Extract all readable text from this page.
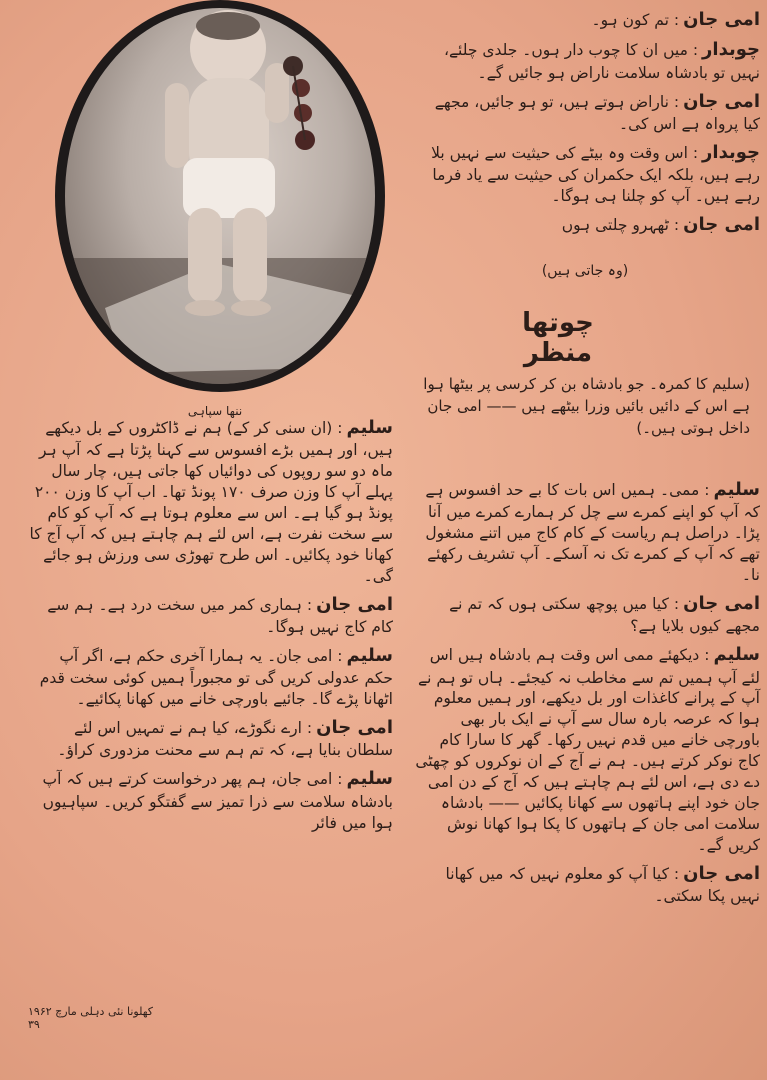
ننھا سپاہی

امی جان: تم کون ہو۔

چوبدار: میں ان کا چوب دار ہوں۔ جلدی چلئے، نہیں تو بادشاہ سلامت ناراض ہو جائیں گے۔

امی جان: ناراض ہوتے ہیں، تو ہو جائیں، مجھے کیا پرواہ ہے اس کی۔

چوبدار: اس وقت وہ بیٹے کی حیثیت سے نہیں بلا رہے ہیں، بلکہ ایک حکمران کی حیثیت سے یاد فرما رہے ہیں۔ آپ کو چلنا ہی ہوگا۔

امی جان: ٹھہرو چلتی ہوں

(وہ جاتی ہیں)
چوتھا منظر
(سلیم کا کمرہ۔ جو بادشاہ بن کر کرسی پر بیٹھا ہوا ہے اس کے دائیں بائیں وزرا بیٹھے ہیں —— امی جان داخل ہوتی ہیں۔)

سلیم: ممی۔ ہمیں اس بات کا بے حد افسوس ہے کہ آپ کو اپنے کمرے سے چل کر ہمارے کمرے میں آنا پڑا۔ دراصل ہم ریاست کے کام کاج میں اتنے مشغول تھے کہ آپ کے کمرے تک نہ آسکے۔ آپ تشریف رکھئے نا۔

امی جان: کیا میں پوچھ سکتی ہوں کہ تم نے مجھے کیوں بلایا ہے؟

سلیم: دیکھئے ممی اس وقت ہم بادشاہ ہیں اس لئے آپ ہمیں تم سے مخاطب نہ کیجئے۔ ہاں تو ہم نے آپ کے پرانے کاغذات اور بل دیکھے، اور ہمیں معلوم ہوا کہ عرصہ بارہ سال سے آپ نے ایک بار بھی باورچی خانے میں قدم نہیں رکھا۔ گھر کا سارا کام کاج نوکر کرتے ہیں۔ ہم نے آج کے ان نوکروں کو چھٹی دے دی ہے، اس لئے ہم چاہتے ہیں کہ آج کے دن امی جان خود اپنے ہاتھوں سے کھانا پکائیں —— بادشاہ سلامت امی جان کے ہاتھوں کا پکا ہوا کھانا نوش کریں گے۔

امی جان: کیا آپ کو معلوم نہیں کہ میں کھانا نہیں پکا سکتی۔

سلیم: (ان سنی کر کے) ہم نے ڈاکٹروں کے بل دیکھے ہیں، اور ہمیں بڑے افسوس سے کہنا پڑتا ہے کہ آپ ہر ماہ دو سو روپوں کی دوائیاں کھا جاتی ہیں، چار سال پہلے آپ کا وزن صرف ۱۷۰ پونڈ تھا۔ اب آپ کا وزن ۲۰۰ پونڈ ہو گیا ہے۔ اس سے معلوم ہوتا ہے کہ آپ کو کام سے سخت نفرت ہے، اس لئے ہم چاہتے ہیں کہ آپ آج کا کھانا خود پکائیں۔ اس طرح تھوڑی سی ورزش ہو جائے گی۔

امی جان: ہماری کمر میں سخت درد ہے۔ ہم سے کام کاج نہیں ہوگا۔

سلیم: امی جان۔ یہ ہمارا آخری حکم ہے، اگر آپ حکم عدولی کریں گی تو مجبوراً ہمیں کوئی سخت قدم اٹھانا پڑے گا۔ جائیے باورچی خانے میں کھانا پکائیے۔

امی جان: ارے نگوڑے، کیا ہم نے تمہیں اس لئے سلطان بنایا ہے، کہ تم ہم سے محنت مزدوری کراؤ۔

سلیم: امی جان، ہم پھر درخواست کرتے ہیں کہ آپ بادشاہ سلامت سے ذرا تمیز سے گفتگو کریں۔ سپاہیوں ہوا میں فائر

کھلونا نئی دہلی مارچ ۱۹۶۲ ۳۹
